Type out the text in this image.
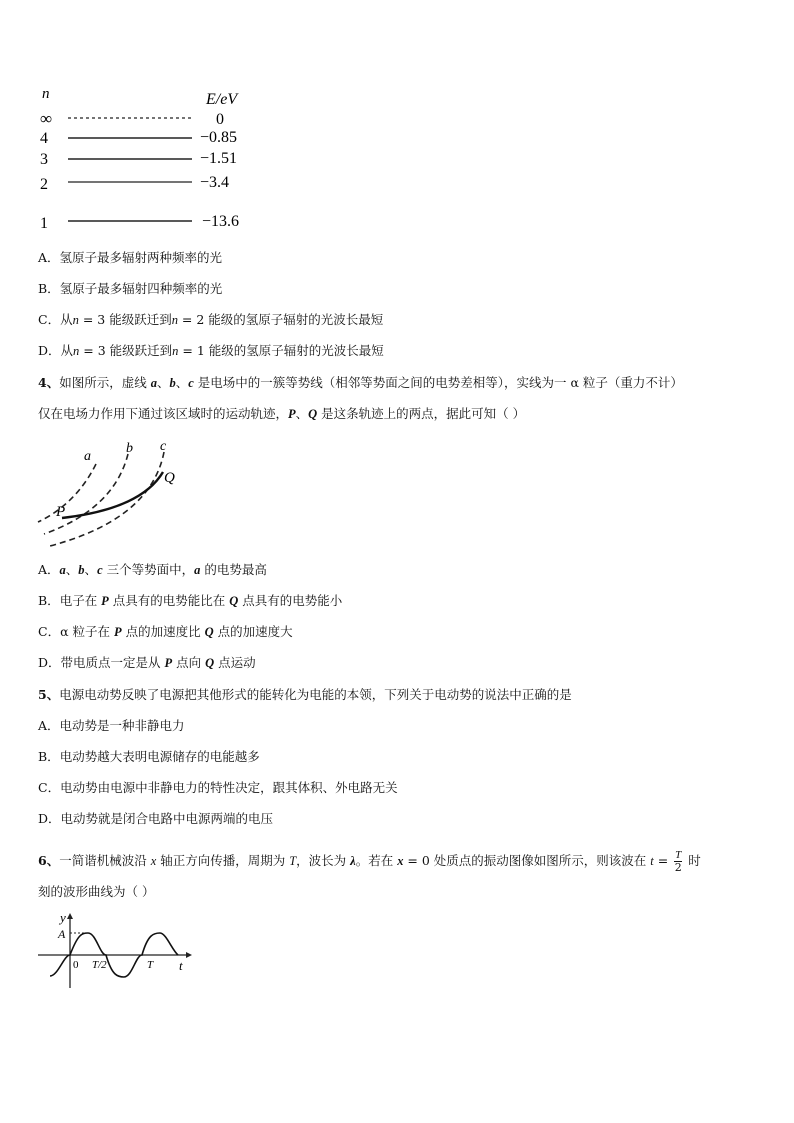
n	E/eV
∞	0
4	−0.85
3	−1.51
2	−3.4
1	−13.6
A．氢原子最多辐射两种频率的光
B．氢原子最多辐射四种频率的光
C．从n = 3 能级跃迁到n = 2 能级的氢原子辐射的光波长最短
D．从n = 3 能级跃迁到n = 1 能级的氢原子辐射的光波长最短
4、如图所示，虚线 a、b、c 是电场中的一簇等势线（相邻等势面之间的电势差相等），实线为一 α 粒子（重力不计）
仅在电场力作用下通过该区域时的运动轨迹，P、Q 是这条轨迹上的两点，据此可知（ ）
a
b c
P
Q
A．a、b、c 三个等势面中，a 的电势最高
B．电子在 P 点具有的电势能比在 Q 点具有的电势能小
C．α 粒子在 P 点的加速度比 Q 点的加速度大
D．带电质点一定是从 P 点向 Q 点运动
5、电源电动势反映了电源把其他形式的能转化为电能的本领，下列关于电动势的说法中正确的是
A．电动势是一种非静电力
B．电动势越大表明电源储存的电能越多
C．电动势由电源中非静电力的特性决定，跟其体积、外电路无关
D．电动势就是闭合电路中电源两端的电压
6、一简谐机械波沿 x 轴正方向传播，周期为 T，波长为 λ。若在 x = 0 处质点的振动图像如图所示，则该波在 $t = \frac{T}{2}$ 时
刻的波形曲线为（ ）
y
A
0 T/2	T t
